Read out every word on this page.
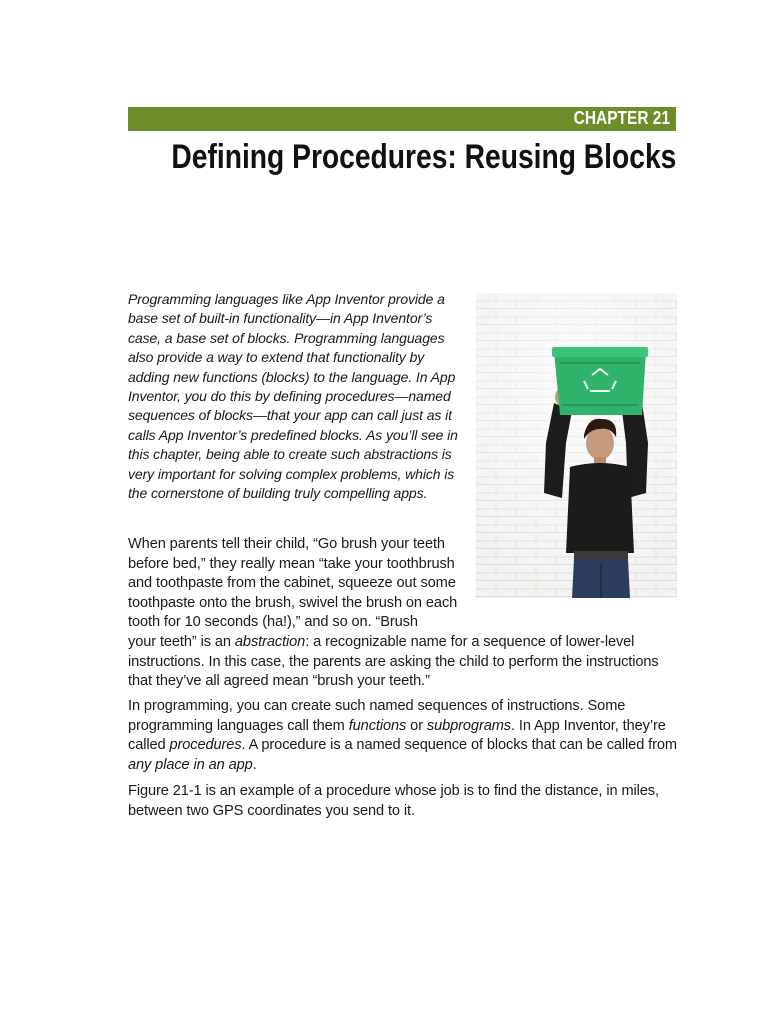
CHAPTER 21
Defining Procedures: Reusing Blocks

Programming languages like App Inventor provide a base set of built-in functionality—in App Inventor’s case, a base set of blocks. Programming languages also provide a way to extend that functionality by adding new functions (blocks) to the language. In App Inventor, you do this by defining procedures—named sequences of blocks—that your app can call just as it calls App Inventor’s predefined blocks. As you’ll see in this chapter, being able to create such abstractions is very important for solving complex problems, which is the cornerstone of building truly compelling apps.

When parents tell their child, “Go brush your teeth before bed,” they really mean “take your toothbrush and toothpaste from the cabinet, squeeze out some toothpaste onto the brush, swivel the brush on each tooth for 10 seconds (ha!),” and so on. “Brush
your teeth” is an abstraction: a recognizable name for a sequence of lower-level instructions. In this case, the parents are asking the child to perform the instructions that they’ve all agreed mean “brush your teeth.”

In programming, you can create such named sequences of instructions. Some programming languages call them functions or subprograms. In App Inventor, they’re called procedures. A procedure is a named sequence of blocks that can be called from any place in an app.

Figure 21-1 is an example of a procedure whose job is to find the distance, in miles, between two GPS coordinates you send to it.
